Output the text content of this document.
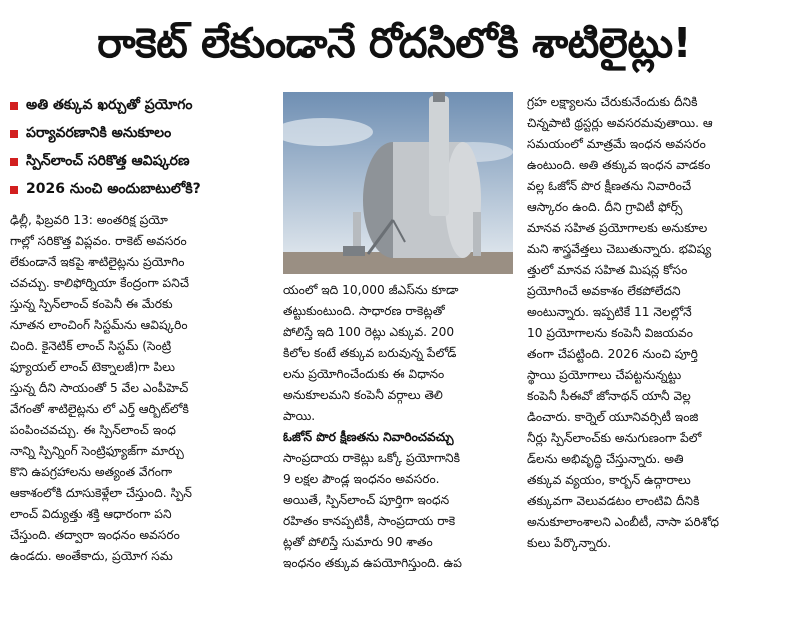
రాకెట్ లేకుండానే రోదసిలోకి శాటిలైట్లు!
అతి తక్కువ ఖర్చుతో ప్రయోగం
పర్యావరణానికి అనుకూలం
స్పిన్‌లాంచ్ సరికొత్త ఆవిష్కరణ
2026 నుంచి అందుబాటులోకి?

ఢిల్లీ, ఫిబ్రవరి 13: అంతరిక్ష ప్రయో

గాల్లో సరికొత్త విప్లవం. రాకెట్ అవసరం

లేకుండానే ఇకపై శాటిలైట్లను ప్రయోగిం

చవచ్చు. కాలిఫోర్నియా కేంద్రంగా పనిచే

స్తున్న స్పిన్‌లాంచ్ కంపెనీ ఈ మేరకు

నూతన లాంచింగ్ సిస్టమ్‌ను ఆవిష్కరిం

చింది. కైనెటిక్ లాంచ్ సిస్టమ్ (సెంట్రి

ఫ్యూయల్ లాంచ్ టెక్నాలజీ)గా పిలు

స్తున్న దీని సాయంతో 5 వేల ఎంపీహెచ్

వేగంతో శాటిలైట్లను లో ఎర్త్ ఆర్బిట్‌లోకి

పంపించవచ్చు. ఈ స్పిన్‌లాంచ్ ఇంధ

నాన్ని స్పిన్నింగ్ సెంట్రిఫ్యూజ్‌గా మార్చు

కొని ఉపగ్రహాలను అత్యంత వేగంగా

ఆకాశంలోకి దూసుకెళ్లేలా చేస్తుంది. స్పిన్

లాంచ్ విద్యుత్తు శక్తి ఆధారంగా పని

చేస్తుంది. తద్వారా ఇంధనం అవసరం

ఉండదు. అంతేకాదు, ప్రయోగ సమ

యంలో ఇది 10,000 జీఎస్‌ను కూడా

తట్టుకుంటుంది. సాధారణ రాకెట్లతో

పోలిస్తే ఇది 100 రెట్లు ఎక్కువ. 200

కిలోల కంటే తక్కువ బరువున్న పేలోడ్

లను ప్రయోగించేందుకు ఈ విధానం

అనుకూలమని కంపెనీ వర్గాలు తెలి

పాయి.

ఓజోన్ పొర క్షీణతను నివారించవచ్చు

సాంప్రదాయ రాకెట్లు ఒక్కో ప్రయోగానికి

9 లక్షల పౌండ్ల ఇంధనం అవసరం.

అయితే, స్పిన్‌లాంచ్ పూర్తిగా ఇంధన

రహితం కానప్పటికీ, సాంప్రదాయ రాకె

ట్లతో పోలిస్తే సుమారు 90 శాతం

ఇంధనం తక్కువ ఉపయోగిస్తుంది. ఉప

గ్రహ లక్ష్యాలను చేరుకునేందుకు దీనికి

చిన్నపాటి థ్రస్టర్లు అవసరమవుతాయి. ఆ

సమయంలో మాత్రమే ఇంధన అవసరం

ఉంటుంది. అతి తక్కువ ఇంధన వాడకం

వల్ల ఓజోన్ పొర క్షీణతను నివారించే

ఆస్కారం ఉంది. దీని గ్రావిటీ ఫోర్స్

మానవ సహిత ప్రయోగాలకు అనుకూల

మని శాస్త్రవేత్తలు చెబుతున్నారు. భవిష్య

త్తులో మానవ సహిత మిషన్ల కోసం

ప్రయోగించే అవకాశం లేకపోలేదని

అంటున్నారు. ఇప్పటికే 11 నెలల్లోనే

10 ప్రయోగాలను కంపెనీ విజయవం

తంగా చేపట్టింది. 2026 నుంచి పూర్తి

స్థాయి ప్రయోగాలు చేపట్టనున్నట్టు

కంపెనీ సీఈవో జోనాథన్ యానీ వెల్ల

డించారు. కార్నెల్ యూనివర్సిటీ ఇంజి

నీర్లు స్పిన్‌లాంచ్‌కు అనుగుణంగా పేలో

డ్‌లను అభివృద్ధి చేస్తున్నారు. అతి

తక్కువ వ్యయం, కార్బన్ ఉద్గారాలు

తక్కువగా వెలువడటం లాంటివి దీనికి

అనుకూలాంశాలని ఎంబీటీ, నాసా పరిశోధ

కులు పేర్కొన్నారు.
